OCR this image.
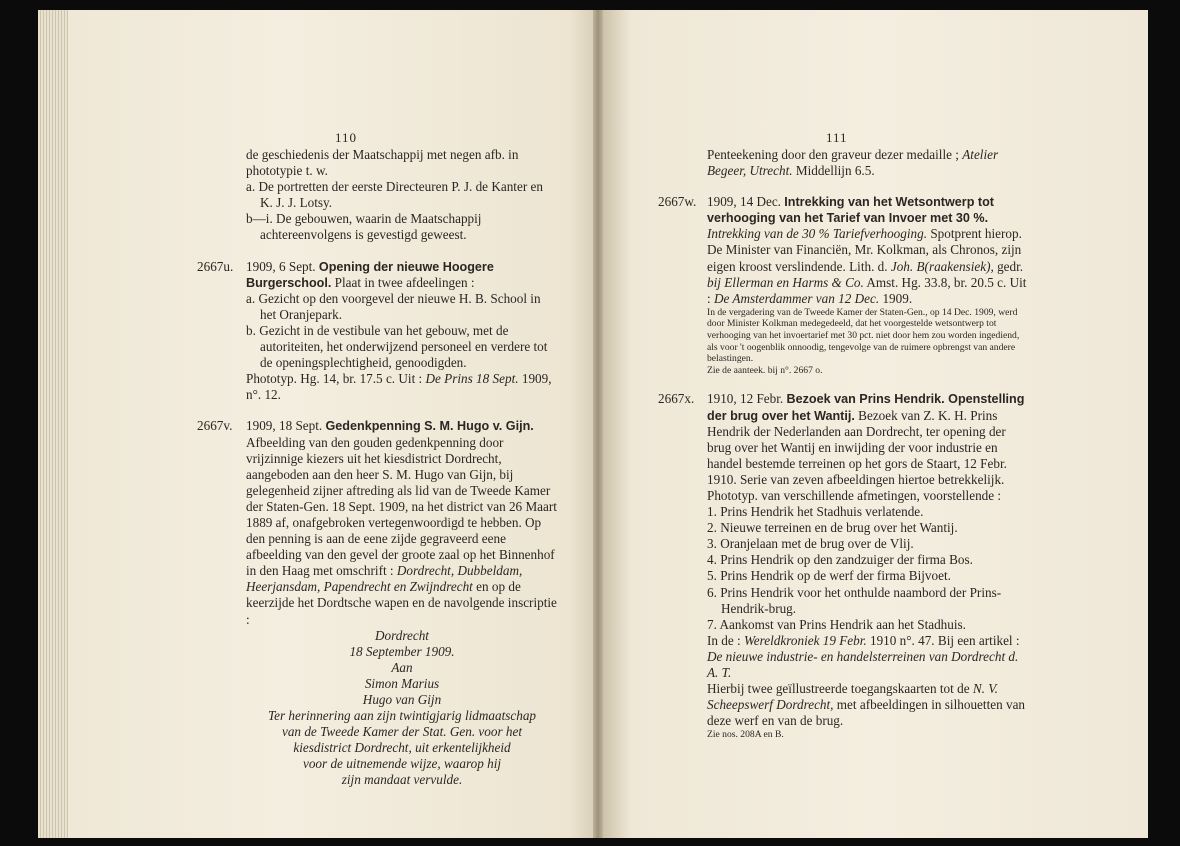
110

de geschiedenis der Maatschappij met negen afb. in phototypie t. w.

a. De portretten der eerste Directeuren P. J. de Kanter en K. J. J. Lotsy.

b—i. De gebouwen, waarin de Maatschappij achtereenvolgens is gevestigd geweest.

2667u. 1909, 6 Sept. Opening der nieuwe Hoogere Burgerschool. Plaat in twee afdeelingen :

a. Gezicht op den voorgevel der nieuwe H. B. School in het Oranjepark.

b. Gezicht in de vestibule van het gebouw, met de autoriteiten, het onderwijzend personeel en verdere tot de openingsplechtigheid, genoodigden.

Phototyp. Hg. 14, br. 17.5 c. Uit : De Prins 18 Sept. 1909, n°. 12.

2667v. 1909, 18 Sept. Gedenkpenning S. M. Hugo v. Gijn. Afbeelding van den gouden gedenkpenning door vrijzinnige kiezers uit het kiesdistrict Dordrecht, aangeboden aan den heer S. M. Hugo van Gijn, bij gelegenheid zijner aftreding als lid van de Tweede Kamer der Staten-Gen. 18 Sept. 1909, na het district van 26 Maart 1889 af, onafgebroken vertegenwoordigd te hebben. Op den penning is aan de eene zijde gegraveerd eene afbeelding van den gevel der groote zaal op het Binnenhof in den Haag met omschrift : Dordrecht, Dubbeldam, Heerjansdam, Papendrecht en Zwijndrecht en op de keerzijde het Dordtsche wapen en de navolgende inscriptie :

Dordrecht

18 September 1909.

Aan

Simon Marius

Hugo van Gijn

Ter herinnering aan zijn twintigjarig lidmaatschap

van de Tweede Kamer der Stat. Gen. voor het

kiesdistrict Dordrecht, uit erkentelijkheid

voor de uitnemende wijze, waarop hij

zijn mandaat vervulde.

111

Penteekening door den graveur dezer medaille ; Atelier Begeer, Utrecht. Middellijn 6.5.

2667w. 1909, 14 Dec. Intrekking van het Wetsontwerp tot verhooging van het Tarief van Invoer met 30 %. Intrekking van de 30 % Tariefverhooging. Spotprent hierop. De Minister van Financiën, Mr. Kolkman, als Chronos, zijn eigen kroost verslindende. Lith. d. Joh. B(raakensiek), gedr. bij Ellerman en Harms & Co. Amst. Hg. 33.8, br. 20.5 c. Uit : De Amsterdammer van 12 Dec. 1909.

In de vergadering van de Tweede Kamer der Staten-Gen., op 14 Dec. 1909, werd door Minister Kolkman medegedeeld, dat het voorgestelde wetsontwerp tot verhooging van het invoertarief met 30 pct. niet door hem zou worden ingediend, als voor 't oogenblik onnoodig, tengevolge van de ruimere opbrengst van andere belastingen.

Zie de aanteek. bij n°. 2667 o.

2667x. 1910, 12 Febr. Bezoek van Prins Hendrik. Openstelling der brug over het Wantij. Bezoek van Z. K. H. Prins Hendrik der Nederlanden aan Dordrecht, ter opening der brug over het Wantij en inwijding der voor industrie en handel bestemde terreinen op het gors de Staart, 12 Febr. 1910. Serie van zeven afbeeldingen hiertoe betrekkelijk. Phototyp. van verschillende afmetingen, voorstellende :

1. Prins Hendrik het Stadhuis verlatende.

2. Nieuwe terreinen en de brug over het Wantij.

3. Oranjelaan met de brug over de Vlij.

4. Prins Hendrik op den zandzuiger der firma Bos.

5. Prins Hendrik op de werf der firma Bijvoet.

6. Prins Hendrik voor het onthulde naambord der Prins-Hendrik-brug.

7. Aankomst van Prins Hendrik aan het Stadhuis.

In de : Wereldkroniek 19 Febr. 1910 n°. 47. Bij een artikel : De nieuwe industrie- en handelsterreinen van Dordrecht d. A. T.

Hierbij twee geïllustreerde toegangskaarten tot de N. V. Scheepswerf Dordrecht, met afbeeldingen in silhouetten van deze werf en van de brug.

Zie nos. 208A en B.
